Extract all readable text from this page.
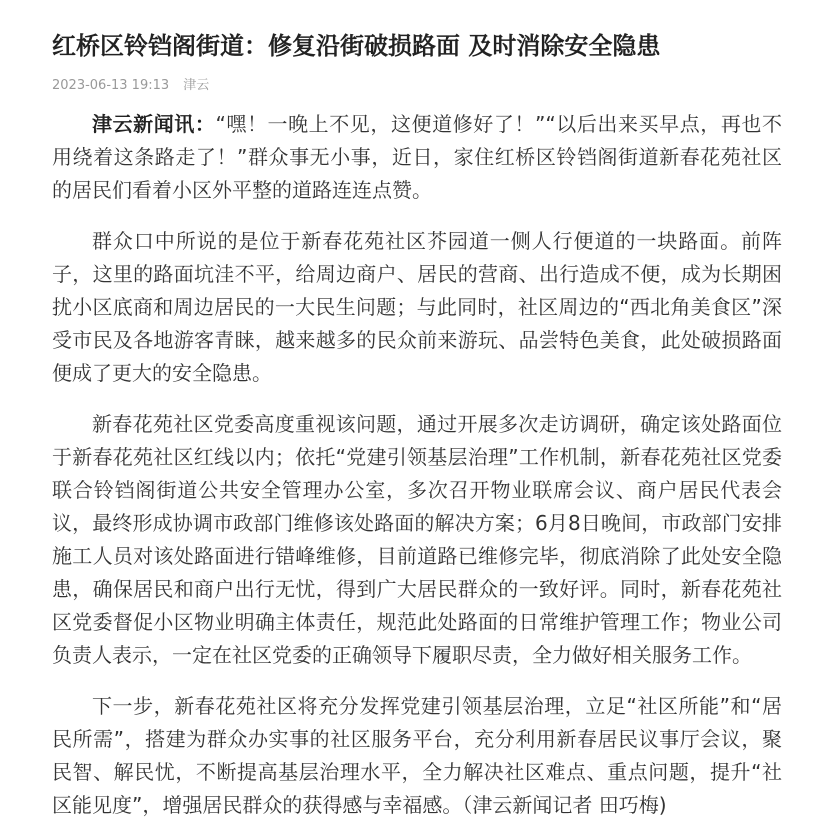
红桥区铃铛阁街道：修复沿街破损路面 及时消除安全隐患
2023-06-13 19:13 津云

津云新闻讯：“嘿！一晚上不见，这便道修好了！”“以后出来买早点，再也不用绕着这条路走了！”群众事无小事，近日，家住红桥区铃铛阁街道新春花苑社区的居民们看着小区外平整的道路连连点赞。

群众口中所说的是位于新春花苑社区芥园道一侧人行便道的一块路面。前阵子，这里的路面坑洼不平，给周边商户、居民的营商、出行造成不便，成为长期困扰小区底商和周边居民的一大民生问题；与此同时，社区周边的“西北角美食区”深受市民及各地游客青睐，越来越多的民众前来游玩、品尝特色美食，此处破损路面便成了更大的安全隐患。

新春花苑社区党委高度重视该问题，通过开展多次走访调研，确定该处路面位于新春花苑社区红线以内；依托“党建引领基层治理”工作机制，新春花苑社区党委联合铃铛阁街道公共安全管理办公室，多次召开物业联席会议、商户居民代表会议，最终形成协调市政部门维修该处路面的解决方案；6月8日晚间，市政部门安排施工人员对该处路面进行错峰维修，目前道路已维修完毕，彻底消除了此处安全隐患，确保居民和商户出行无忧，得到广大居民群众的一致好评。同时，新春花苑社区党委督促小区物业明确主体责任，规范此处路面的日常维护管理工作；物业公司负责人表示，一定在社区党委的正确领导下履职尽责，全力做好相关服务工作。

下一步，新春花苑社区将充分发挥党建引领基层治理，立足“社区所能”和“居民所需”，搭建为群众办实事的社区服务平台，充分利用新春居民议事厅会议，聚民智、解民忧，不断提高基层治理水平，全力解决社区难点、重点问题，提升“社区能见度”，增强居民群众的获得感与幸福感。（津云新闻记者 田巧梅)
